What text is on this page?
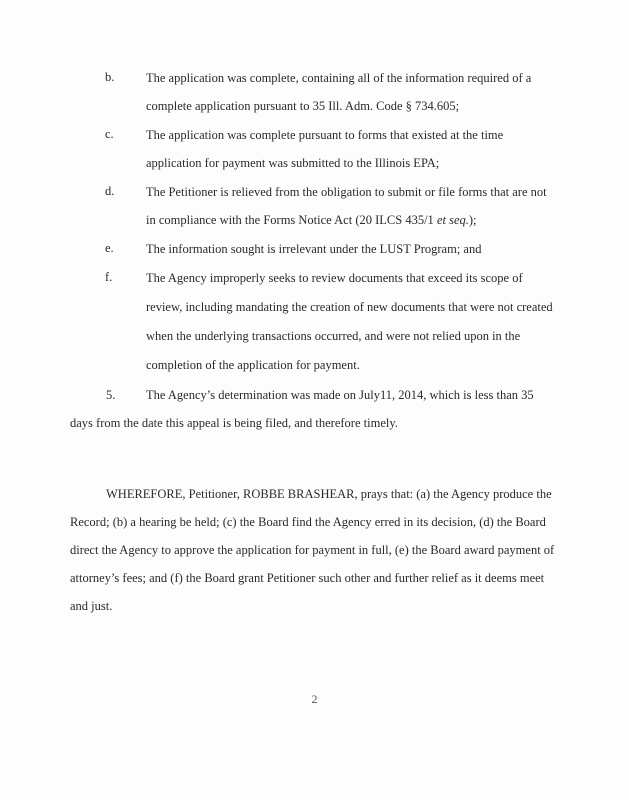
b.	The application was complete, containing all of the information required of a
complete application pursuant to 35 Ill. Adm. Code § 734.605;
c.	The application was complete pursuant to forms that existed at the time
application for payment was submitted to the Illinois EPA;
d.	The Petitioner is relieved from the obligation to submit or file forms that are not
in compliance with the Forms Notice Act (20 ILCS 435/1 et seq.);
e.	The information sought is irrelevant under the LUST Program; and
f.	The Agency improperly seeks to review documents that exceed its scope of
review, including mandating the creation of new documents that were not created
when the underlying transactions occurred, and were not relied upon in the
completion of the application for payment.
5. The Agency’s determination was made on July11, 2014, which is less than 35
days from the date this appeal is being filed, and therefore timely.
WHEREFORE, Petitioner, ROBBE BRASHEAR, prays that: (a) the Agency produce the
Record; (b) a hearing be held; (c) the Board find the Agency erred in its decision, (d) the Board
direct the Agency to approve the application for payment in full, (e) the Board award payment of
attorney’s fees; and (f) the Board grant Petitioner such other and further relief as it deems meet
and just.
2
